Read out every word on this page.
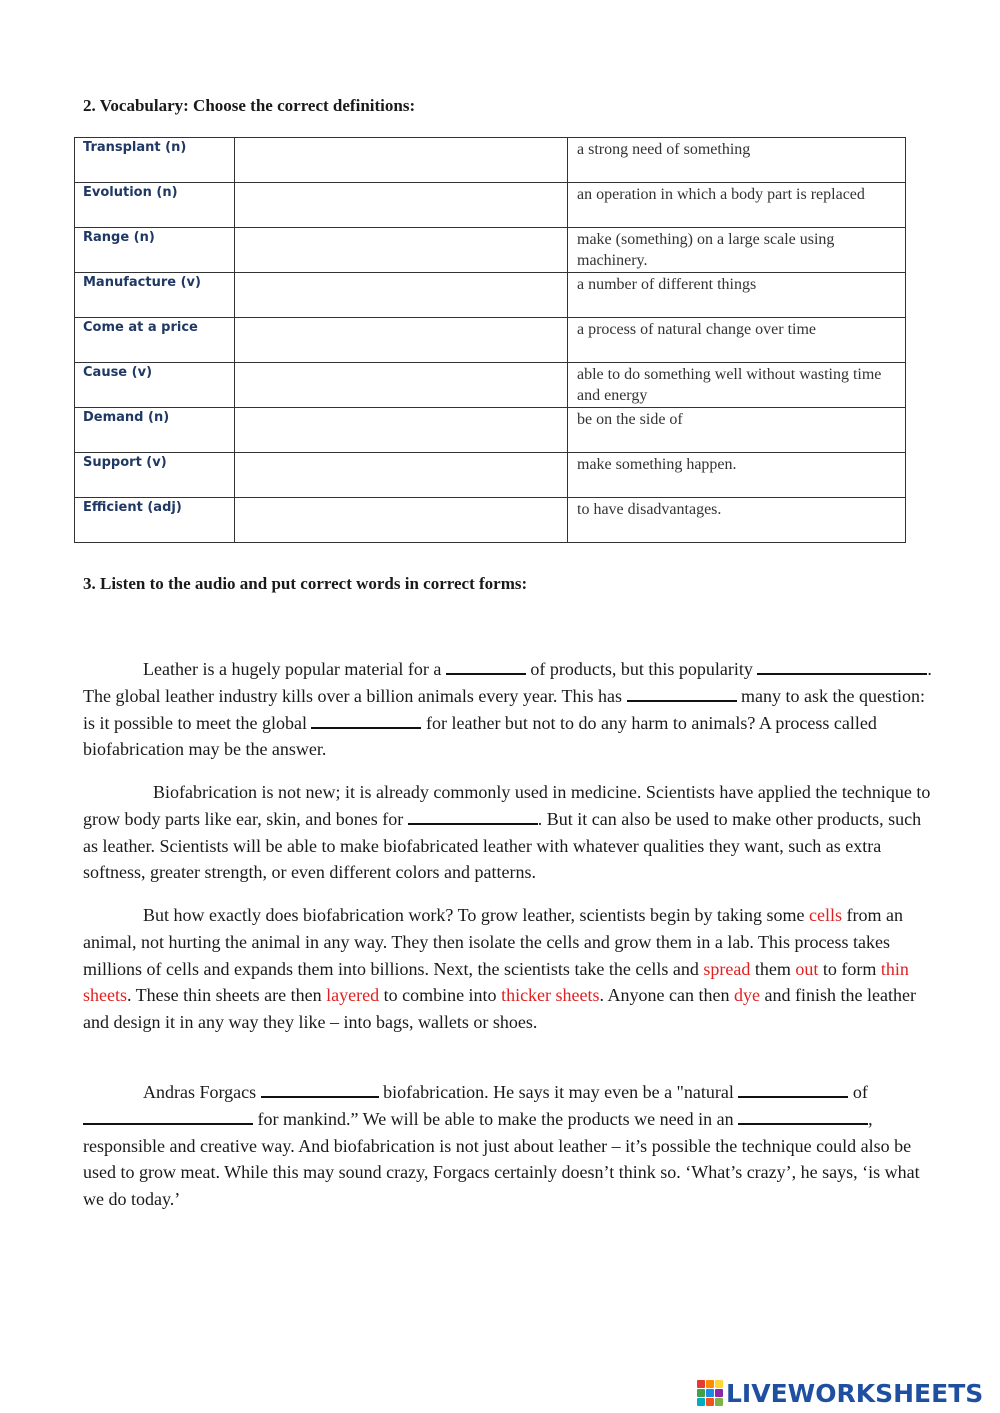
2. Vocabulary: Choose the correct definitions:
Transplant (n)		a strong need of something
Evolution (n)		an operation in which a body part is replaced
Range (n)		make (something) on a large scale using machinery.
Manufacture (v)		a number of different things
Come at a price		a process of natural change over time
Cause (v)		able to do something well without wasting time and energy
Demand (n)		be on the side of
Support (v)		make something happen.
Efficient (adj)		to have disadvantages.
3. Listen to the audio and put correct words in correct forms:

Leather is a hugely popular material for a	of products, but this popularity	. The global leather industry kills over a billion animals every year. This has	many to ask the question: is it possible to meet the global	for leather but not to do any harm to animals? A process called biofabrication may be the answer.

Biofabrication is not new; it is already commonly used in medicine. Scientists have applied the technique to grow body parts like ear, skin, and bones for	. But it can also be used to make other products, such as leather. Scientists will be able to make biofabricated leather with whatever qualities they want, such as extra softness, greater strength, or even different colors and patterns.

But how exactly does biofabrication work? To grow leather, scientists begin by taking some cells from an animal, not hurting the animal in any way. They then isolate the cells and grow them in a lab. This process takes millions of cells and expands them into billions. Next, the scientists take the cells and spread them out to form thin sheets. These thin sheets are then layered to combine into thicker sheets. Anyone can then dye and finish the leather and design it in any way they like – into bags, wallets or shoes.

Andras Forgacs	biofabrication. He says it may even be a "natural	of  for mankind.” We will be able to make the products we need in an	, responsible and creative way. And biofabrication is not just about leather – it’s possible the technique could also be used to grow meat. While this may sound crazy, Forgacs certainly doesn’t think so. ‘What’s crazy’, he says, ‘is what we do today.’

LIVEWORKSHEETS
